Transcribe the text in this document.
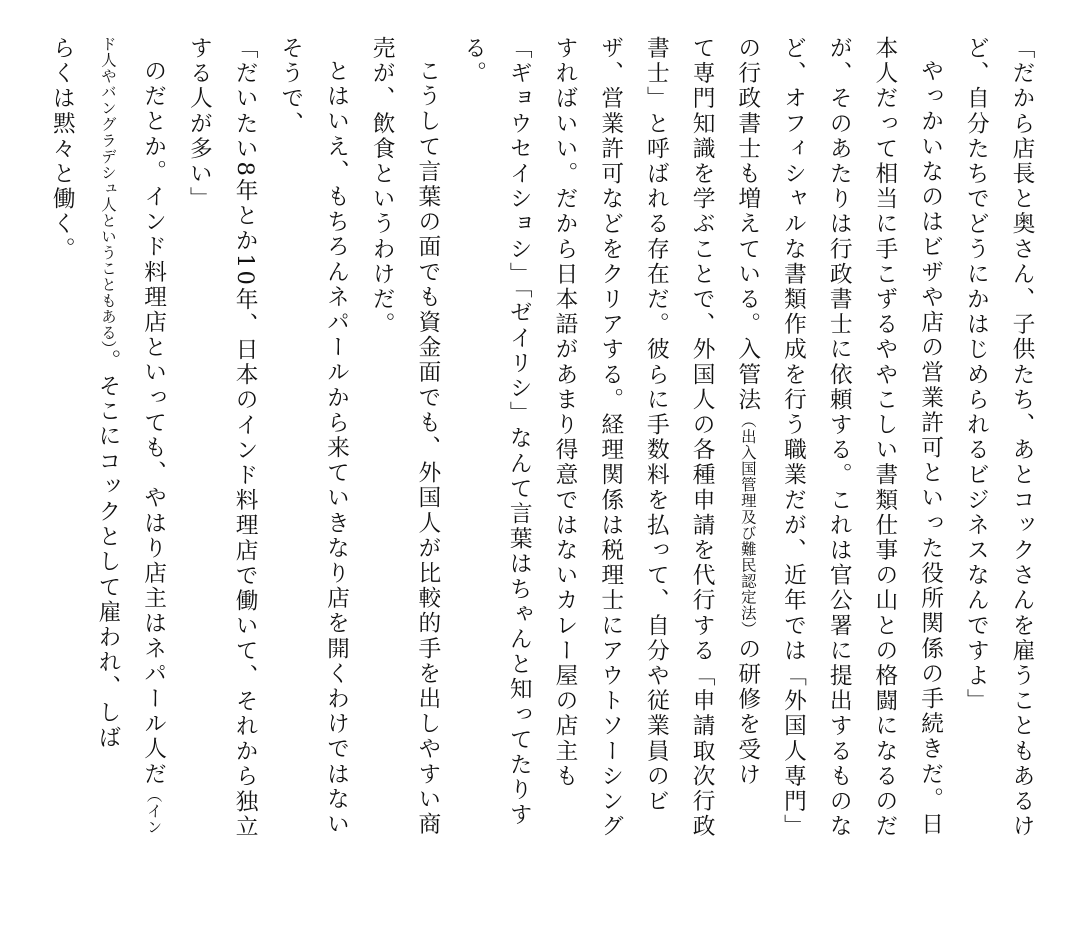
「だから店長と奥さん、子供たち、あとコックさんを雇うこともあるけ
ど、自分たちでどうにかはじめられるビジネスなんですよ」

やっかいなのはビザや店の営業許可といった役所関係の手続きだ。日
本人だって相当に手こずるややこしい書類仕事の山との格闘になるのだ
が、そのあたりは行政書士に依頼する。これは官公署に提出するものな
ど、オフィシャルな書類作成を行う職業だが、近年では「外国人専門」
の行政書士も増えている。入管法（出入国管理及び難民認定法）の研修を受け
て専門知識を学ぶことで、外国人の各種申請を代行する「申請取次行政
書士」と呼ばれる存在だ。彼らに手数料を払って、自分や従業員のビ
ザ、営業許可などをクリアする。経理関係は税理士にアウトソーシング
すればいい。だから日本語があまり得意ではないカレー屋の店主も
「ギョウセイショシ」「ゼイリシ」なんて言葉はちゃんと知ってたりす
る。

こうして言葉の面でも資金面でも、外国人が比較的手を出しやすい商
売が、飲食というわけだ。

とはいえ、もちろんネパールから来ていきなり店を開くわけではない
そうで、

「だいたい8年とか10年、日本のインド料理店で働いて、それから独立
する人が多い」

のだとか。インド料理店といっても、やはり店主はネパール人だ（イン
ド人やバングラデシュ人ということもある）。そこにコックとして雇われ、しば
らくは黙々と働く。
